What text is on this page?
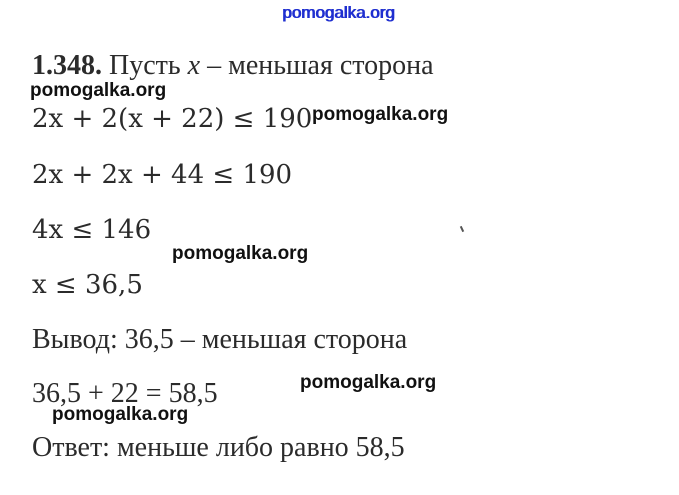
pomogalka.org
1.348. Пусть x – меньшая сторона
pomogalka.org
2x + 2(x + 22) ≤ 190 pomogalka.org
2x + 2x + 44 ≤ 190
4x ≤ 146
pomogalka.org
x ≤ 36,5
Вывод: 36,5 – меньшая сторона
36,5 + 22 = 58,5	pomogalka.org
pomogalka.org
Ответ: меньше либо равно 58,5
